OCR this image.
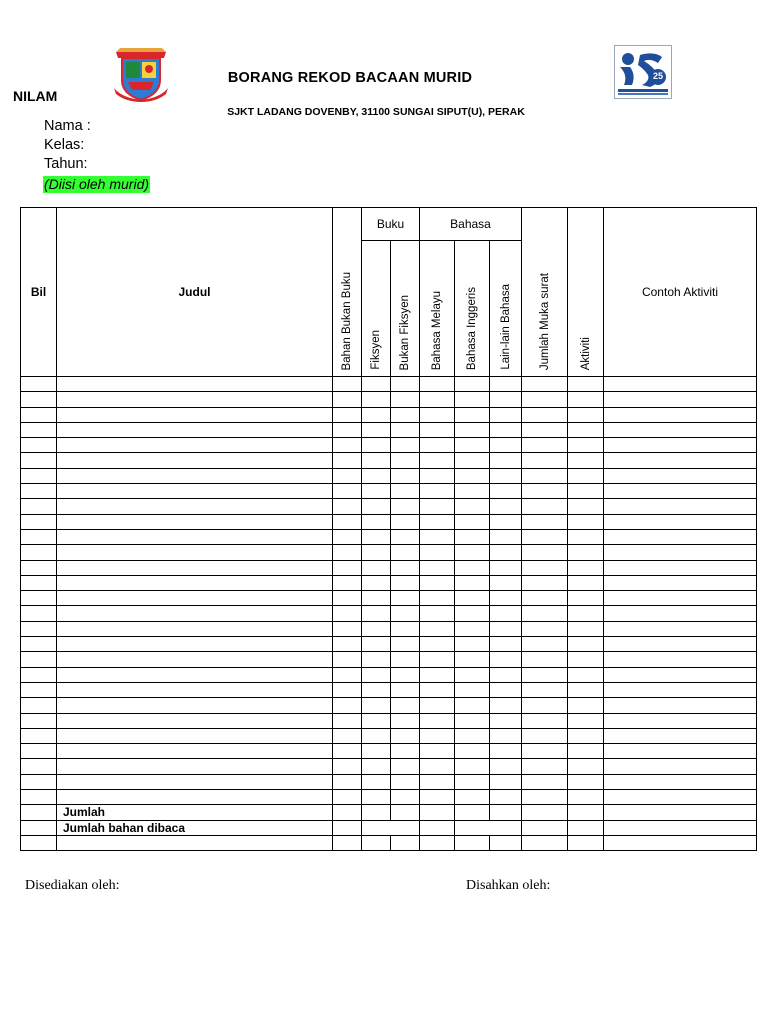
25
BORANG REKOD BACAAN MURID
SJKT LADANG DOVENBY, 31100 SUNGAI SIPUT(U), PERAK
NILAM
Nama :
Kelas:
Tahun:
(Diisi oleh murid)
Bil	Judul	Bahan Bukan Buku	Buku		Bahasa			Jumlah Muka surat	Aktiviti	Contoh Aktiviti

			Fiksyen	Bukan Fiksyen	Bahasa Melayu	Bahasa Inggeris	Lain-lain Bahasa			

	Jumlah									
	Jumlah bahan dibaca									

Disediakan oleh:	Disahkan oleh:
